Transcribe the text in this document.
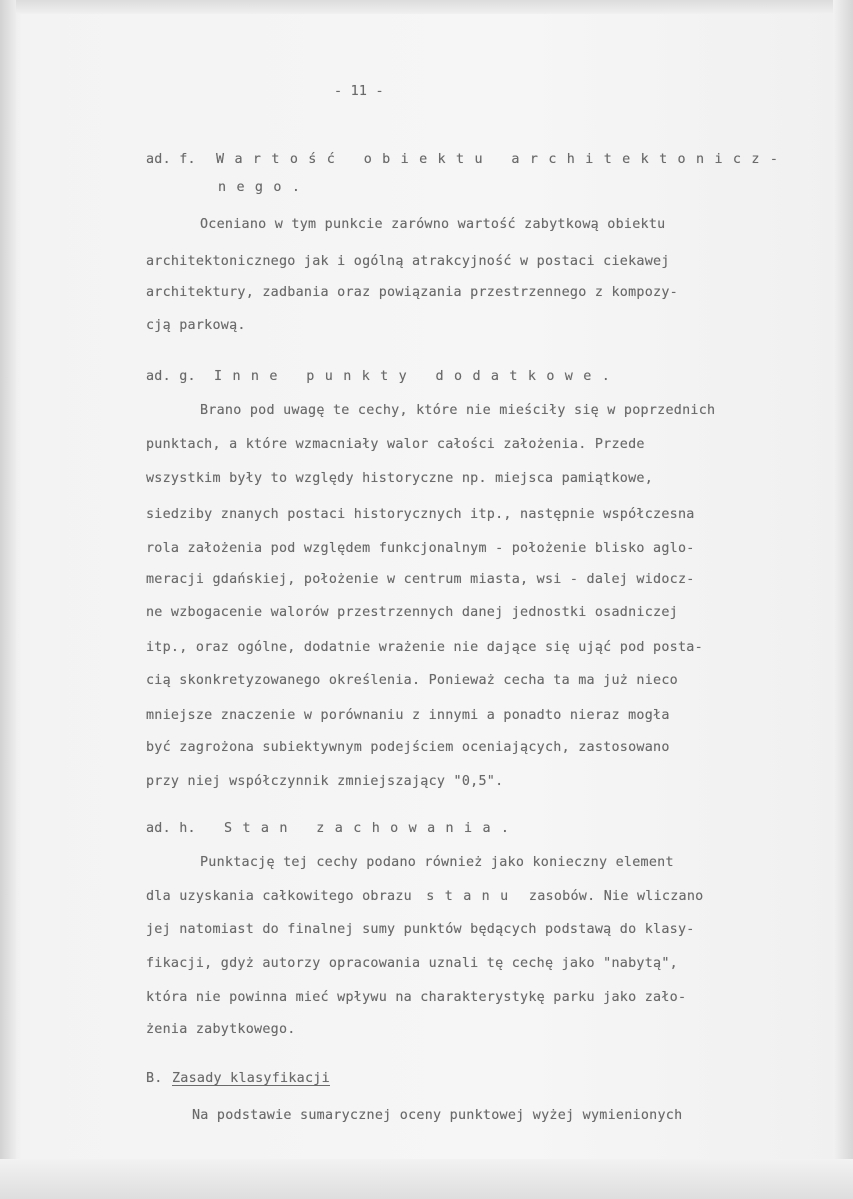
- 11 -
ad. f. Wartość obiektu architektonicz-
nego.
Oceniano w tym punkcie zarówno wartość zabytkową obiektu
architektonicznego jak i ogólną atrakcyjność w postaci ciekawej
architektury, zadbania oraz powiązania przestrzennego z kompozy-
cją parkową.
ad. g. Inne punkty dodatkowe.
Brano pod uwagę te cechy, które nie mieściły się w poprzednich
punktach, a które wzmacniały walor całości założenia. Przede
wszystkim były to względy historyczne np. miejsca pamiątkowe,
siedziby znanych postaci historycznych itp., następnie współczesna
rola założenia pod względem funkcjonalnym - położenie blisko aglo-
meracji gdańskiej, położenie w centrum miasta, wsi - dalej widocz-
ne wzbogacenie walorów przestrzennych danej jednostki osadniczej
itp., oraz ogólne, dodatnie wrażenie nie dające się ująć pod posta-
cią skonkretyzowanego określenia. Ponieważ cecha ta ma już nieco
mniejsze znaczenie w porównaniu z innymi a ponadto nieraz mogła
być zagrożona subiektywnym podejściem oceniających, zastosowano
przy niej współczynnik zmniejszający "0,5".
ad. h. Stan zachowania.
Punktację tej cechy podano również jako konieczny element
dla uzyskania całkowitego obrazu stanu zasobów. Nie wliczano
jej natomiast do finalnej sumy punktów będących podstawą do klasy-
fikacji, gdyż autorzy opracowania uznali tę cechę jako "nabytą",
która nie powinna mieć wpływu na charakterystykę parku jako zało-
żenia zabytkowego.
B. Zasady klasyfikacji
Na podstawie sumarycznej oceny punktowej wyżej wymienionych
